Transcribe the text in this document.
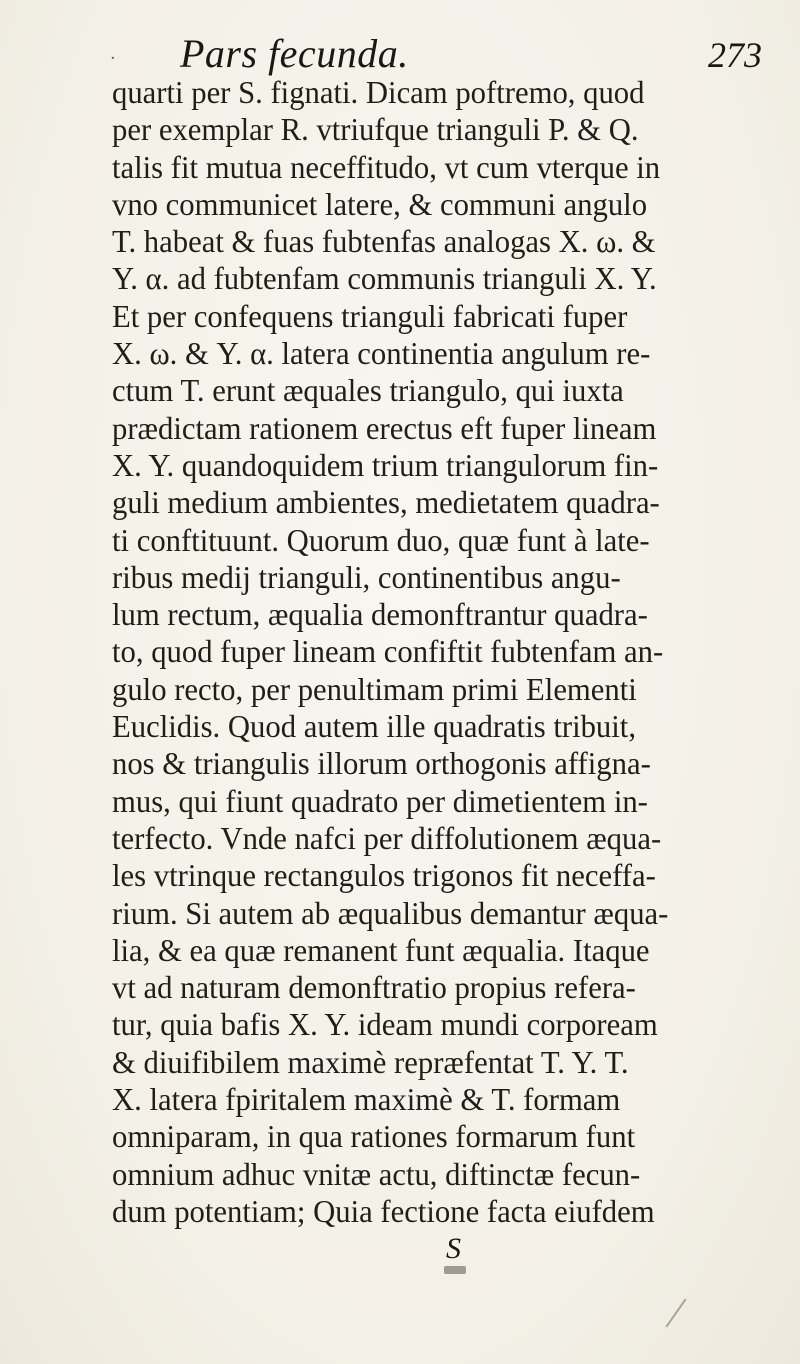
· Pars fecunda.	273
quarti per S. fignati. Dicam poftremo, quod
per exemplar R. vtriufque trianguli P. & Q.
talis fit mutua neceffitudo, vt cum vterque in
vno communicet latere, & communi angulo
T. habeat & fuas fubtenfas analogas X. ω. &
Y. α. ad fubtenfam communis trianguli X. Y.
Et per confequens trianguli fabricati fuper
X. ω. & Y. α. latera continentia angulum re-
ctum T. erunt æquales triangulo, qui iuxta
prædictam rationem erectus eft fuper lineam
X. Y. quandoquidem trium triangulorum fin-
guli medium ambientes, medietatem quadra-
ti conftituunt. Quorum duo, quæ funt à late-
ribus medij trianguli, continentibus angu-
lum rectum, æqualia demonftrantur quadra-
to, quod fuper lineam confiftit fubtenfam an-
gulo recto, per penultimam primi Elementi
Euclidis. Quod autem ille quadratis tribuit,
nos & triangulis illorum orthogonis affigna-
mus, qui fiunt quadrato per dimetientem in-
terfecto. Vnde nafci per diffolutionem æqua-
les vtrinque rectangulos trigonos fit neceffa-
rium. Si autem ab æqualibus demantur æqua-
lia, & ea quæ remanent funt æqualia. Itaque
vt ad naturam demonftratio propius refera-
tur, quia bafis X. Y. ideam mundi corpoream
& diuifibilem maximè repræfentat T. Y. T.
X. latera fpiritalem maximè & T. formam
omniparam, in qua rationes formarum funt
omnium adhuc vnitæ actu, diftinctæ fecun-
dum potentiam; Quia fectione facta eiufdem
S
